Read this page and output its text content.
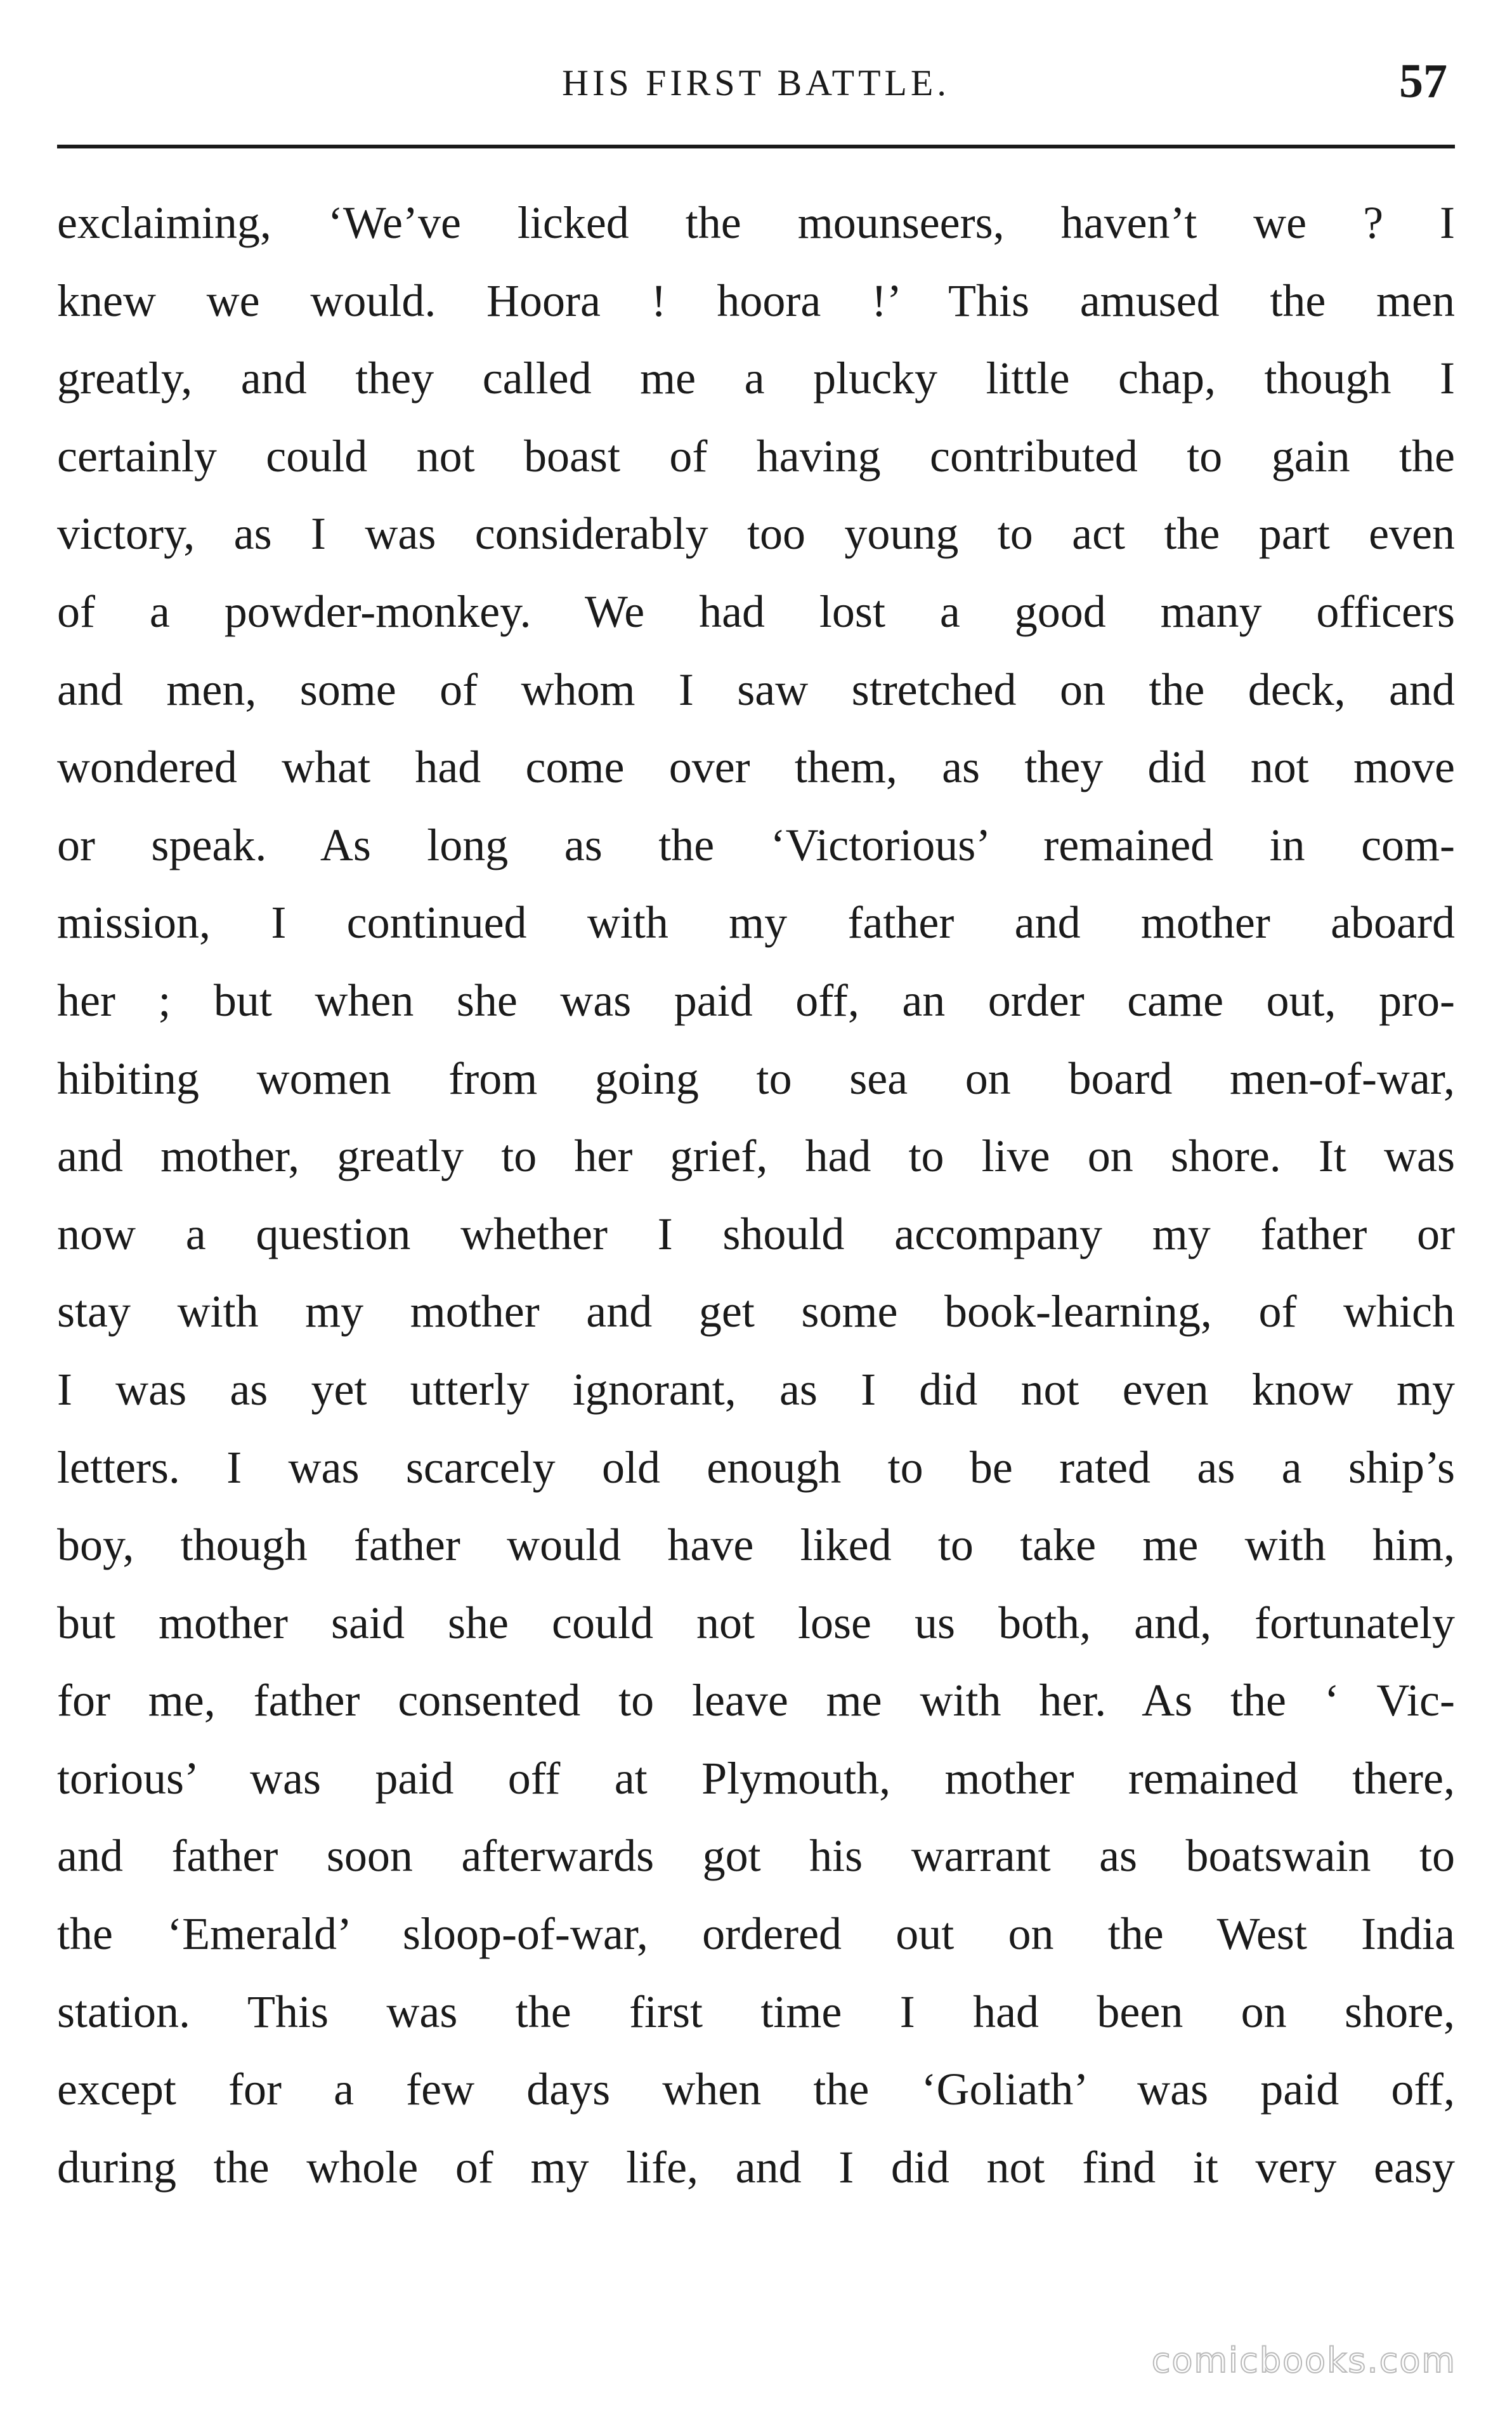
HIS FIRST BATTLE.	57
exclaiming, ‘We’ve licked the mounseers, haven’t we ? I
knew we would. Hoora ! hoora !’ This amused the men
greatly, and they called me a plucky little chap, though I
certainly could not boast of having contributed to gain the
victory, as I was considerably too young to act the part even
of a powder-monkey. We had lost a good many officers
and men, some of whom I saw stretched on the deck, and
wondered what had come over them, as they did not move
or speak. As long as the ‘Victorious’ remained in com-
mission, I continued with my father and mother aboard
her ; but when she was paid off, an order came out, pro-
hibiting women from going to sea on board men-of-war,
and mother, greatly to her grief, had to live on shore. It was
now a question whether I should accompany my father or
stay with my mother and get some book-learning, of which
I was as yet utterly ignorant, as I did not even know my
letters. I was scarcely old enough to be rated as a ship’s
boy, though father would have liked to take me with him,
but mother said she could not lose us both, and, fortunately
for me, father consented to leave me with her. As the ‘ Vic-
torious’ was paid off at Plymouth, mother remained there,
and father soon afterwards got his warrant as boatswain to
the ‘Emerald’ sloop-of-war, ordered out on the West India
station. This was the first time I had been on shore,
except for a few days when the ‘Goliath’ was paid off,
during the whole of my life, and I did not find it very easy
comicbooks.com
